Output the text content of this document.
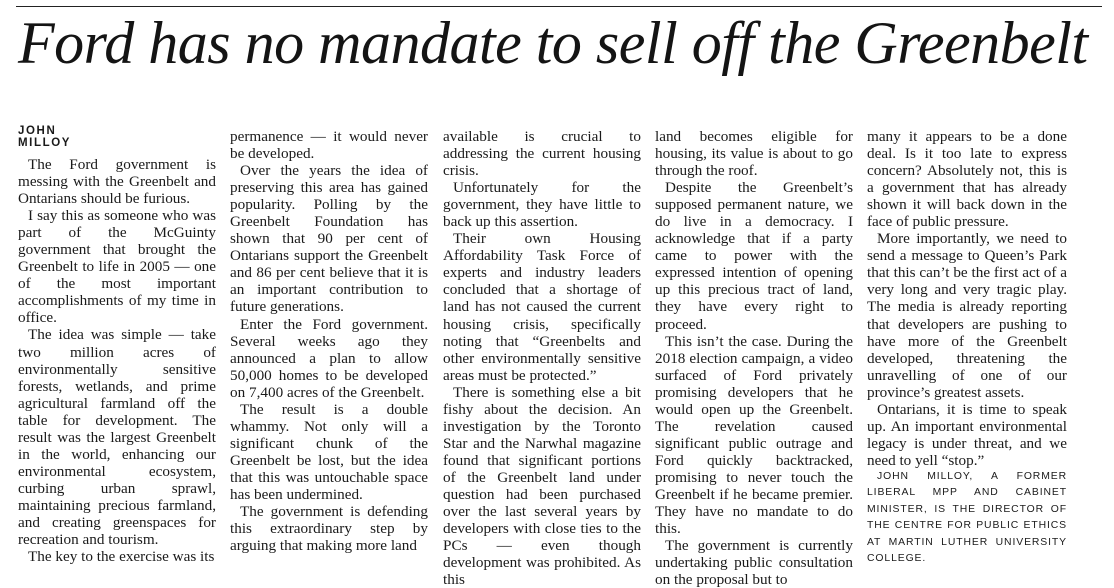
Ford has no mandate to sell off the Greenbelt
JOHN MILLOY

The Ford government is messing with the Greenbelt and Ontarians should be furious.

I say this as someone who was part of the McGuinty government that brought the Greenbelt to life in 2005 — one of the most important accomplishments of my time in office.

The idea was simple — take two million acres of environmentally sensitive forests, wetlands, and prime agricultural farmland off the table for development. The result was the largest Greenbelt in the world, enhancing our environmental ecosystem, curbing urban sprawl, maintaining precious farmland, and creating greenspaces for recreation and tourism.

The key to the exercise was its

permanence — it would never be developed.

Over the years the idea of preserving this area has gained popularity. Polling by the Greenbelt Foundation has shown that 90 per cent of Ontarians support the Greenbelt and 86 per cent believe that it is an important contribution to future generations.

Enter the Ford government. Several weeks ago they announced a plan to allow 50,000 homes to be developed on 7,400 acres of the Greenbelt.

The result is a double whammy. Not only will a significant chunk of the Greenbelt be lost, but the idea that this was untouchable space has been undermined.

The government is defending this extraordinary step by arguing that making more land

available is crucial to addressing the current housing crisis.

Unfortunately for the government, they have little to back up this assertion.

Their own Housing Affordability Task Force of experts and industry leaders concluded that a shortage of land has not caused the current housing crisis, specifically noting that “Greenbelts and other environmentally sensitive areas must be protected.”

There is something else a bit fishy about the decision. An investigation by the Toronto Star and the Narwhal magazine found that significant portions of the Greenbelt land under question had been purchased over the last several years by developers with close ties to the PCs — even though development was prohibited. As this

land becomes eligible for housing, its value is about to go through the roof.

Despite the Greenbelt’s supposed permanent nature, we do live in a democracy. I acknowledge that if a party came to power with the expressed intention of opening up this precious tract of land, they have every right to proceed.

This isn’t the case. During the 2018 election campaign, a video surfaced of Ford privately promising developers that he would open up the Greenbelt. The revelation caused significant public outrage and Ford quickly backtracked, promising to never touch the Greenbelt if he became premier. They have no mandate to do this.

The government is currently undertaking public consultation on the proposal but to

many it appears to be a done deal. Is it too late to express concern? Absolutely not, this is a government that has already shown it will back down in the face of public pressure.

More importantly, we need to send a message to Queen’s Park that this can’t be the first act of a very long and very tragic play. The media is already reporting that developers are pushing to have more of the Greenbelt developed, threatening the unravelling of one of our province’s greatest assets.

Ontarians, it is time to speak up. An important environmental legacy is under threat, and we need to yell “stop.”

JOHN MILLOY, A FORMER LIBERAL MPP AND CABINET MINISTER, IS THE DIRECTOR OF THE CENTRE FOR PUBLIC ETHICS AT MARTIN LUTHER UNIVERSITY COLLEGE.
